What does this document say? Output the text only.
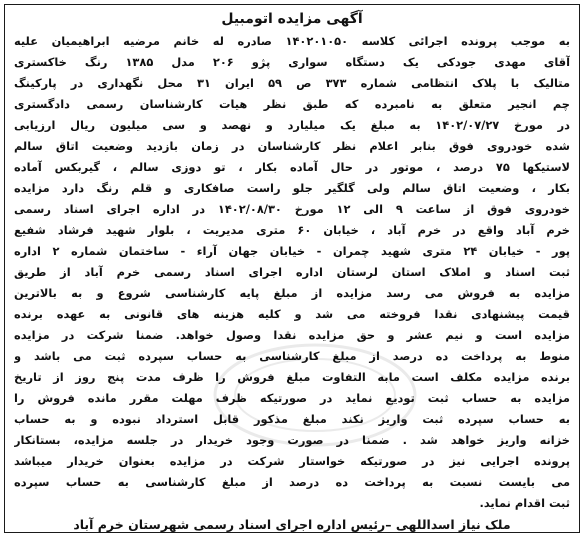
آگهی مزایده اتومبیل
به موجب پرونده اجرائی کلاسه ۱۴۰۲۰۱۰۵۰ صادره له خانم مرضیه ابراهیمیان علیه
آقای مهدی جودکی یک دستگاه سواری پژو ۲۰۶ مدل ۱۳۸۵ رنگ خاکستری
متالیک با پلاک انتظامی شماره ۳۷۳ ص ۵۹ ایران ۳۱ محل نگهداری در پارکینگ
چم انجیر متعلق به نامبرده که طبق نظر هیات کارشناسان رسمی دادگستری
در مورخ ۱۴۰۲/۰۷/۲۷ به مبلغ یک میلیارد و نهصد و سی میلیون ریال ارزیابی
شده خودروی فوق بنابر اعلام نظر کارشناسان در زمان بازدید وضعیت اتاق سالم
لاستیکها ۷۵ درصد ، موتور در حال آماده بکار ، تو دوزی سالم ، گیربکس آماده
بکار ، وضعیت اتاق سالم ولی گلگیر جلو راست صافکاری و قلم رنگ دارد مزایده
خودروی فوق از ساعت ۹ الی ۱۲ مورخ ۱۴۰۲/۰۸/۳۰ در اداره اجرای اسناد رسمی
خرم آباد واقع در خرم آباد ، خیابان ۶۰ متری مدیریت ، بلوار شهید فرشاد شفیع
پور - خیابان ۲۴ متری شهید چمران - خیابان جهان آراء - ساختمان شماره ۲ اداره
ثبت اسناد و املاک استان لرستان اداره اجرای اسناد رسمی خرم آباد از طریق
مزایده به فروش می رسد مزایده از مبلغ پایه کارشناسی شروع و به بالاترین
قیمت پیشنهادی نقدا فروخته می شد و کلیه هزینه های قانونی به عهده برنده
مزایده است و نیم عشر و حق مزایده نقدا وصول خواهد. ضمنا شرکت در مزایده
منوط به پرداخت ده درصد از مبلغ کارشناسی به حساب سپرده ثبت می باشد و
برنده مزایده مکلف است مابه التفاوت مبلغ فروش را ظرف مدت پنج روز از تاریخ
مزایده به حساب ثبت تودیع نماید در صورتیکه ظرف مهلت مقرر مانده فروش را
به حساب سپرده ثبت واریز نکند مبلغ مذکور قابل استرداد نبوده و به حساب
خزانه واریز خواهد شد . ضمنا در صورت وجود خریدار در جلسه مزایده، بستانکار
پرونده اجرایی نیز در صورتیکه خواستار شرکت در مزایده بعنوان خریدار میباشد
می بایست نسبت به پرداخت ده درصد از مبلغ کارشناسی به حساب سپرده
ثبت اقدام نماید.
ملک نیاز اسداللهی –رئیس اداره اجرای اسناد رسمی شهرستان خرم آباد
